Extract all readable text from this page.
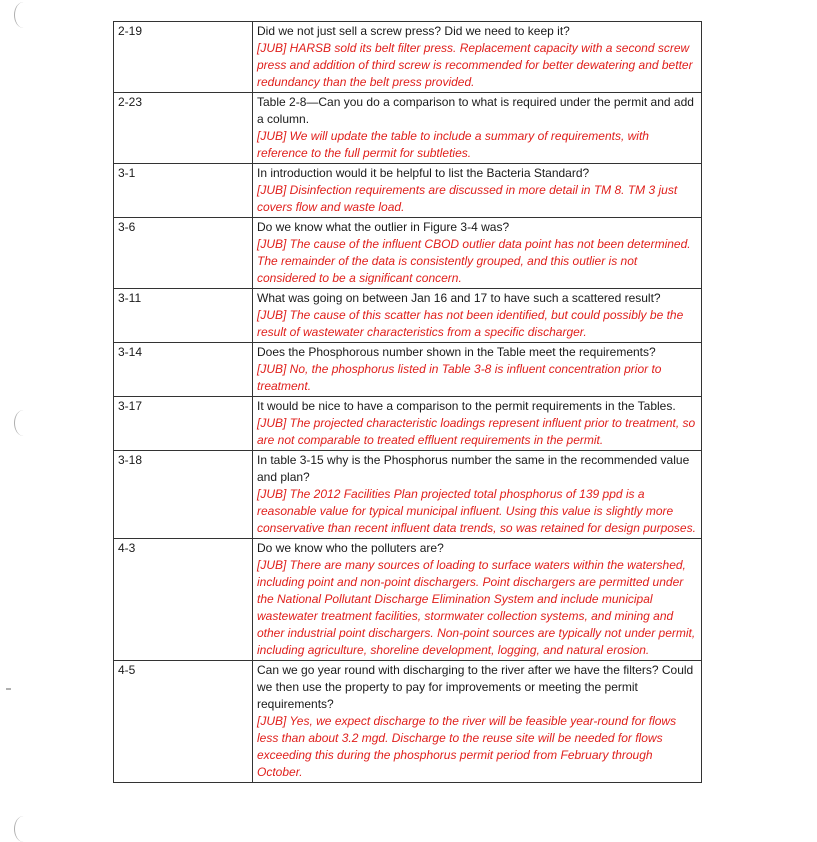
2-19	Did we not just sell a screw press? Did we need to keep it?
[JUB] HARSB sold its belt filter press. Replacement capacity with a second screw press and addition of third screw is recommended for better dewatering and better redundancy than the belt press provided.

2-23	Table 2-8—Can you do a comparison to what is required under the permit and add a column.
[JUB] We will update the table to include a summary of requirements, with reference to the full permit for subtleties.

3-1	In introduction would it be helpful to list the Bacteria Standard?
[JUB] Disinfection requirements are discussed in more detail in TM 8. TM 3 just covers flow and waste load.

3-6	Do we know what the outlier in Figure 3-4 was?
[JUB] The cause of the influent CBOD outlier data point has not been determined. The remainder of the data is consistently grouped, and this outlier is not considered to be a significant concern.

3-11	What was going on between Jan 16 and 17 to have such a scattered result?
[JUB] The cause of this scatter has not been identified, but could possibly be the result of wastewater characteristics from a specific discharger.

3-14	Does the Phosphorous number shown in the Table meet the requirements?
[JUB] No, the phosphorus listed in Table 3-8 is influent concentration prior to treatment.

3-17	It would be nice to have a comparison to the permit requirements in the Tables.
[JUB] The projected characteristic loadings represent influent prior to treatment, so are not comparable to treated effluent requirements in the permit.

3-18	In table 3-15 why is the Phosphorus number the same in the recommended value and plan?
[JUB] The 2012 Facilities Plan projected total phosphorus of 139 ppd is a reasonable value for typical municipal influent. Using this value is slightly more conservative than recent influent data trends, so was retained for design purposes.

4-3	Do we know who the polluters are?
[JUB] There are many sources of loading to surface waters within the watershed, including point and non-point dischargers. Point dischargers are permitted under the National Pollutant Discharge Elimination System and include municipal wastewater treatment facilities, stormwater collection systems, and mining and other industrial point dischargers. Non-point sources are typically not under permit, including agriculture, shoreline development, logging, and natural erosion.

4-5	Can we go year round with discharging to the river after we have the filters? Could we then use the property to pay for improvements or meeting the permit requirements?
[JUB] Yes, we expect discharge to the river will be feasible year-round for flows less than about 3.2 mgd. Discharge to the reuse site will be needed for flows exceeding this during the phosphorus permit period from February through October.
